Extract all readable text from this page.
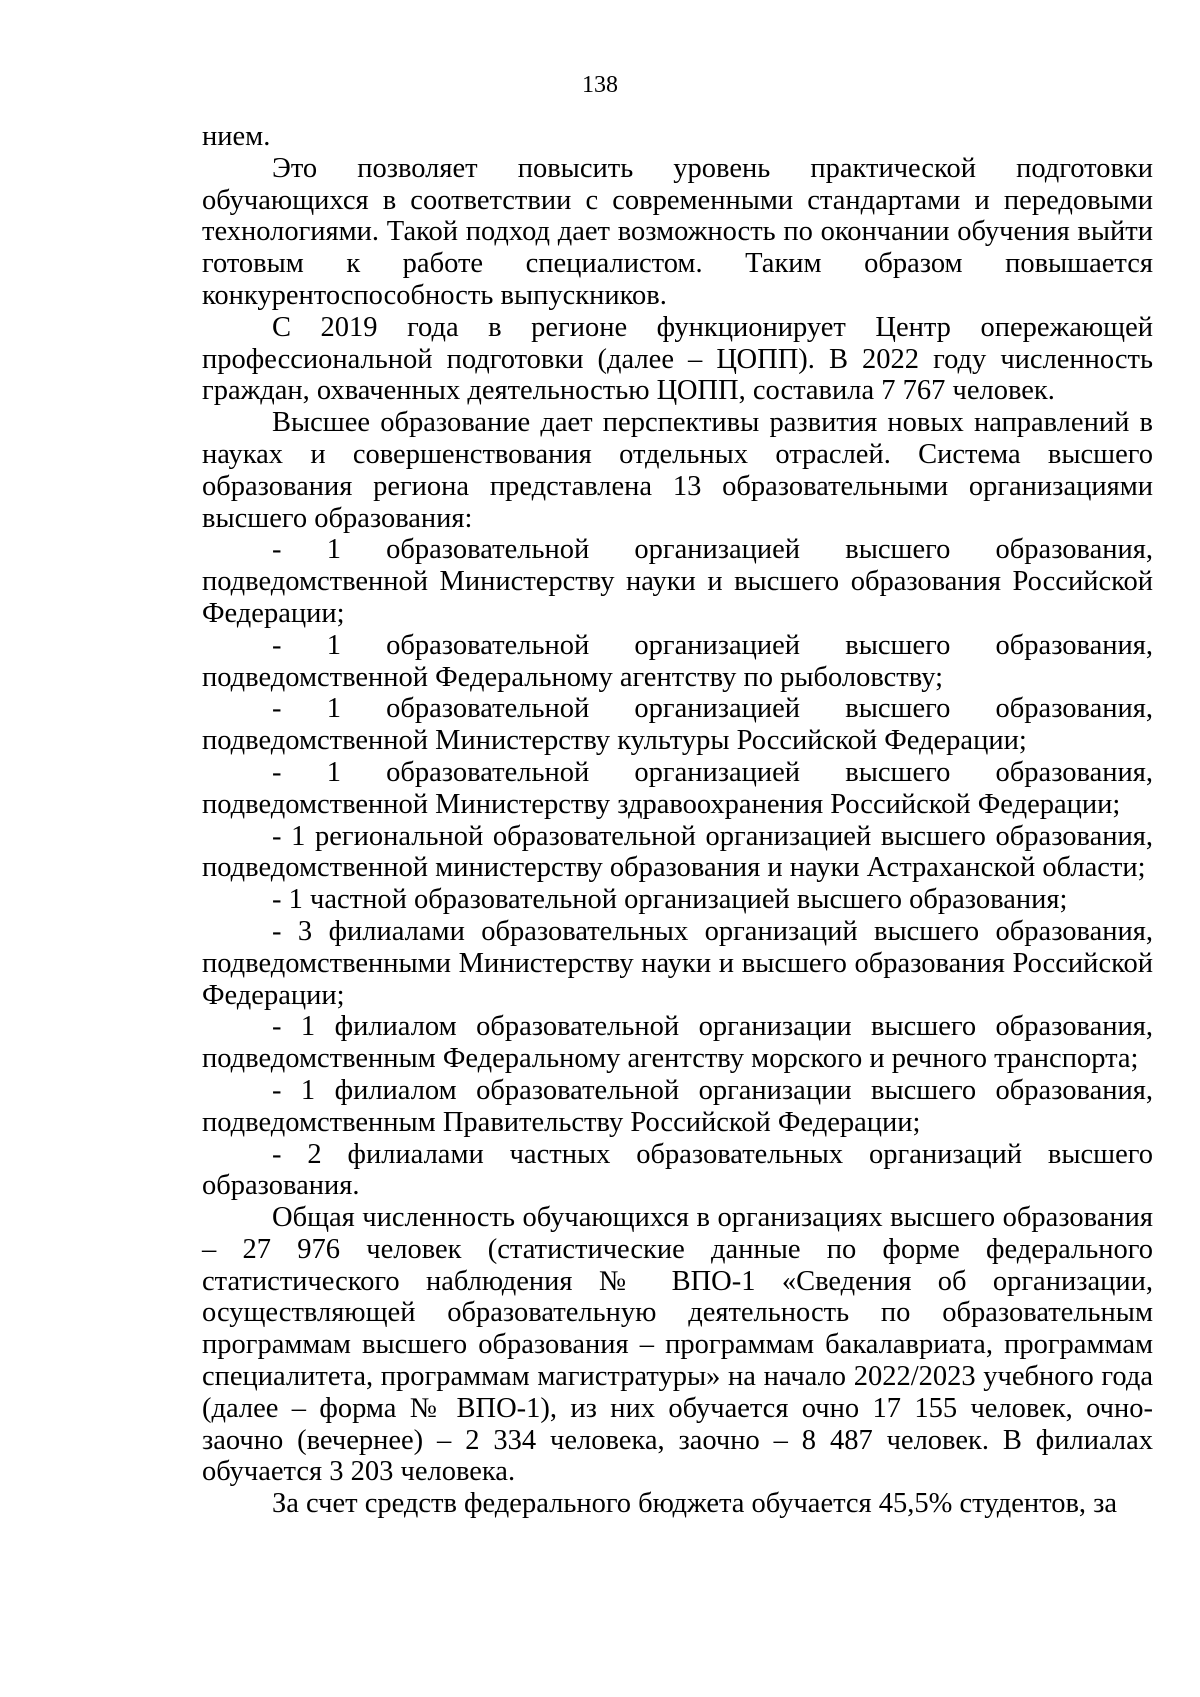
138

нием.

Это позволяет повысить уровень практической подготовки обучающихся в соответствии с современными стандартами и передовыми технологиями. Такой подход дает возможность по окончании обучения выйти готовым к работе специалистом. Таким образом повышается конкурентоспособность выпускников.

С 2019 года в регионе функционирует Центр опережающей профессиональной подготовки (далее – ЦОПП). В 2022 году численность граждан, охваченных деятельностью ЦОПП, составила 7 767 человек.

Высшее образование дает перспективы развития новых направлений в науках и совершенствования отдельных отраслей. Система высшего образования региона представлена 13 образовательными организациями высшего образования:

- 1 образовательной организацией высшего образования, подведомственной Министерству науки и высшего образования Российской Федерации;

- 1 образовательной организацией высшего образования, подведомственной Федеральному агентству по рыболовству;

- 1 образовательной организацией высшего образования, подведомственной Министерству культуры Российской Федерации;

- 1 образовательной организацией высшего образования, подведомственной Министерству здравоохранения Российской Федерации;

- 1 региональной образовательной организацией высшего образования, подведомственной министерству образования и науки Астраханской области;

- 1 частной образовательной организацией высшего образования;

- 3 филиалами образовательных организаций высшего образования, подведомственными Министерству науки и высшего образования Российской Федерации;

- 1 филиалом образовательной организации высшего образования, подведомственным Федеральному агентству морского и речного транспорта;

- 1 филиалом образовательной организации высшего образования, подведомственным Правительству Российской Федерации;

- 2 филиалами частных образовательных организаций высшего образования.

Общая численность обучающихся в организациях высшего образования – 27 976 человек (статистические данные по форме федерального статистического наблюдения № ВПО-1 «Сведения об организации, осуществляющей образовательную деятельность по образовательным программам высшего образования – программам бакалавриата, программам специалитета, программам магистратуры» на начало 2022/2023 учебного года (далее – форма № ВПО-1), из них обучается очно 17 155 человек, очно-заочно (вечернее) – 2 334 человека, заочно – 8 487 человек. В филиалах обучается 3 203 человека.

За счет средств федерального бюджета обучается 45,5% студентов, за
